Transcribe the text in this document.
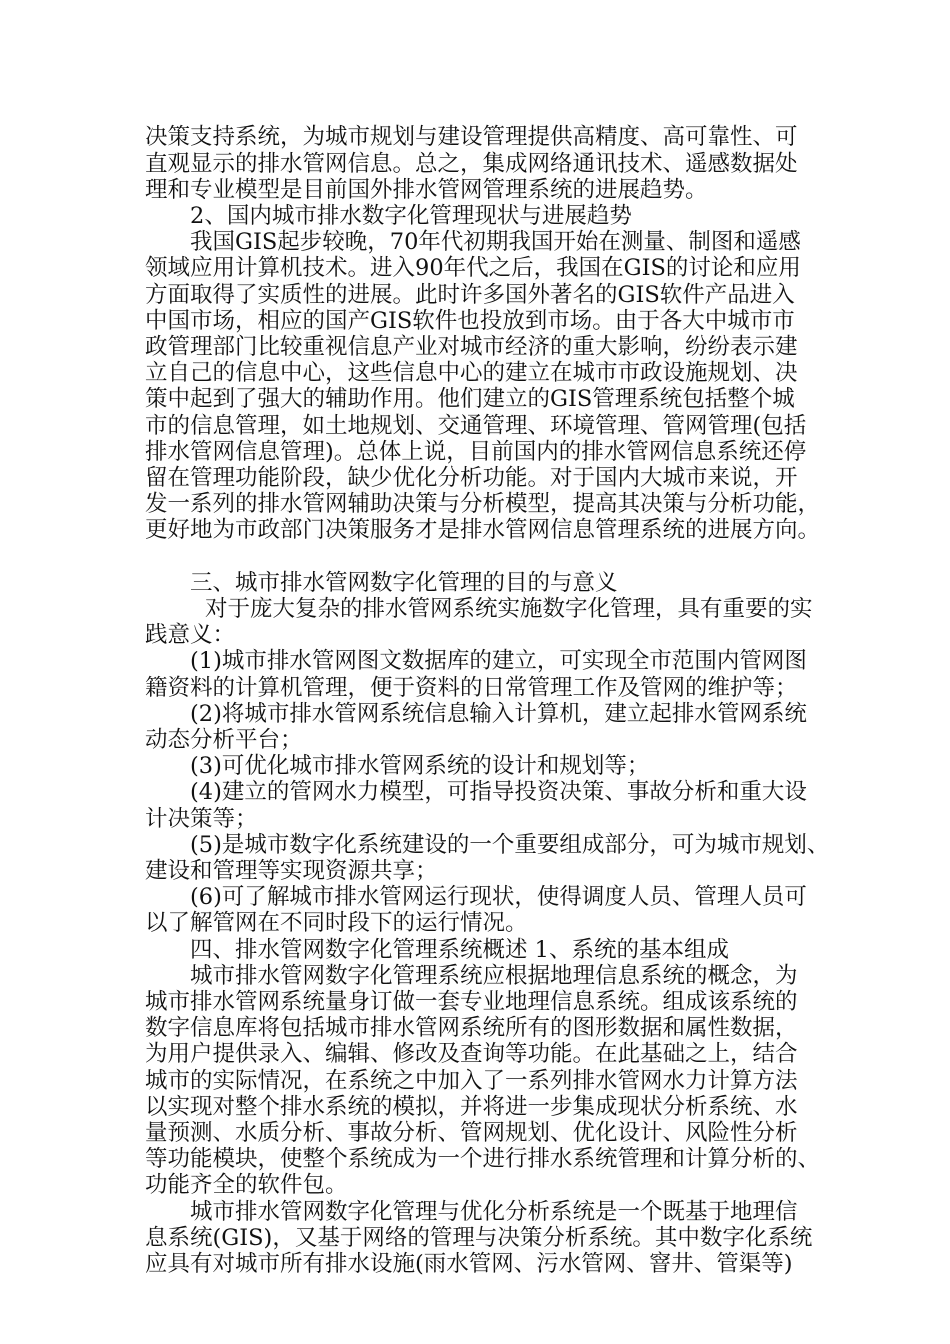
决策支持系统，为城市规划与建设管理提供高精度、高可靠性、可
直观显示的排水管网信息。总之，集成网络通讯技术、遥感数据处
理和专业模型是目前国外排水管网管理系统的进展趋势。
2、国内城市排水数字化管理现状与进展趋势
我国GIS起步较晚，70年代初期我国开始在测量、制图和遥感
领域应用计算机技术。进入90年代之后，我国在GIS的讨论和应用
方面取得了实质性的进展。此时许多国外著名的GIS软件产品进入
中国市场，相应的国产GIS软件也投放到市场。由于各大中城市市
政管理部门比较重视信息产业对城市经济的重大影响，纷纷表示建
立自己的信息中心，这些信息中心的建立在城市市政设施规划、决
策中起到了强大的辅助作用。他们建立的GIS管理系统包括整个城
市的信息管理，如土地规划、交通管理、环境管理、管网管理(包括
排水管网信息管理)。总体上说，目前国内的排水管网信息系统还停
留在管理功能阶段，缺少优化分析功能。对于国内大城市来说，开
发一系列的排水管网辅助决策与分析模型，提高其决策与分析功能，
更好地为市政部门决策服务才是排水管网信息管理系统的进展方向。
三、城市排水管网数字化管理的目的与意义
对于庞大复杂的排水管网系统实施数字化管理，具有重要的实
践意义：
(1)城市排水管网图文数据库的建立，可实现全市范围内管网图
籍资料的计算机管理，便于资料的日常管理工作及管网的维护等；
(2)将城市排水管网系统信息输入计算机，建立起排水管网系统
动态分析平台；
(3)可优化城市排水管网系统的设计和规划等；
(4)建立的管网水力模型，可指导投资决策、事故分析和重大设
计决策等；
(5)是城市数字化系统建设的一个重要组成部分，可为城市规划、
建设和管理等实现资源共享；
(6)可了解城市排水管网运行现状，使得调度人员、管理人员可
以了解管网在不同时段下的运行情况。
四、排水管网数字化管理系统概述 1、系统的基本组成
城市排水管网数字化管理系统应根据地理信息系统的概念，为
城市排水管网系统量身订做一套专业地理信息系统。组成该系统的
数字信息库将包括城市排水管网系统所有的图形数据和属性数据，
为用户提供录入、编辑、修改及查询等功能。在此基础之上，结合
城市的实际情况，在系统之中加入了一系列排水管网水力计算方法
以实现对整个排水系统的模拟，并将进一步集成现状分析系统、水
量预测、水质分析、事故分析、管网规划、优化设计、风险性分析
等功能模块，使整个系统成为一个进行排水系统管理和计算分析的、
功能齐全的软件包。
城市排水管网数字化管理与优化分析系统是一个既基于地理信
息系统(GIS)，又基于网络的管理与决策分析系统。其中数字化系统
应具有对城市所有排水设施(雨水管网、污水管网、窨井、管渠等)
